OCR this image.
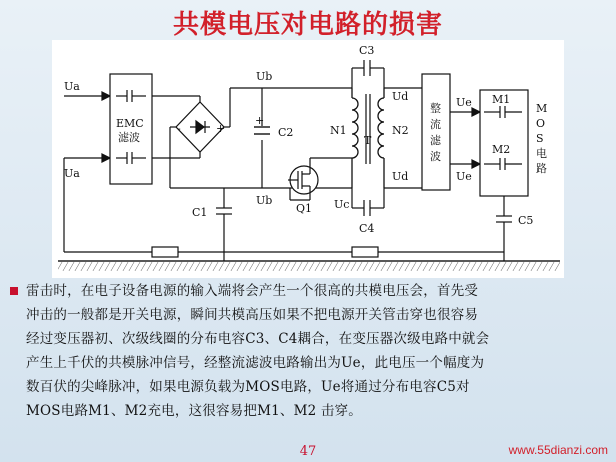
共模电压对电路的损害
Ua
Ua
EMC
滤波
-	+
+
C2
Ub
Ub
C1	Q1 Uc
N1
T
N2
Ud
Ud
C3
C4
整
流
滤
波
Ue
Ue
M1
M2
M
O
S
电
路
C5
雷击时，在电子设备电源的输入端将会产生一个很高的共模电压会，首先受
冲击的一般都是开关电源，瞬间共模高压如果不把电源开关管击穿也很容易
经过变压器初、次级线圈的分布电容C3、C4耦合，在变压器次级电路中就会
产生上千伏的共模脉冲信号，经整流滤波电路输出为Ue，此电压一个幅度为
数百伏的尖峰脉冲，如果电源负载为MOS电路，Ue将通过分布电容C5对
MOS电路M1、M2充电，这很容易把M1、M2 击穿。
47	www.55dianzi.com
